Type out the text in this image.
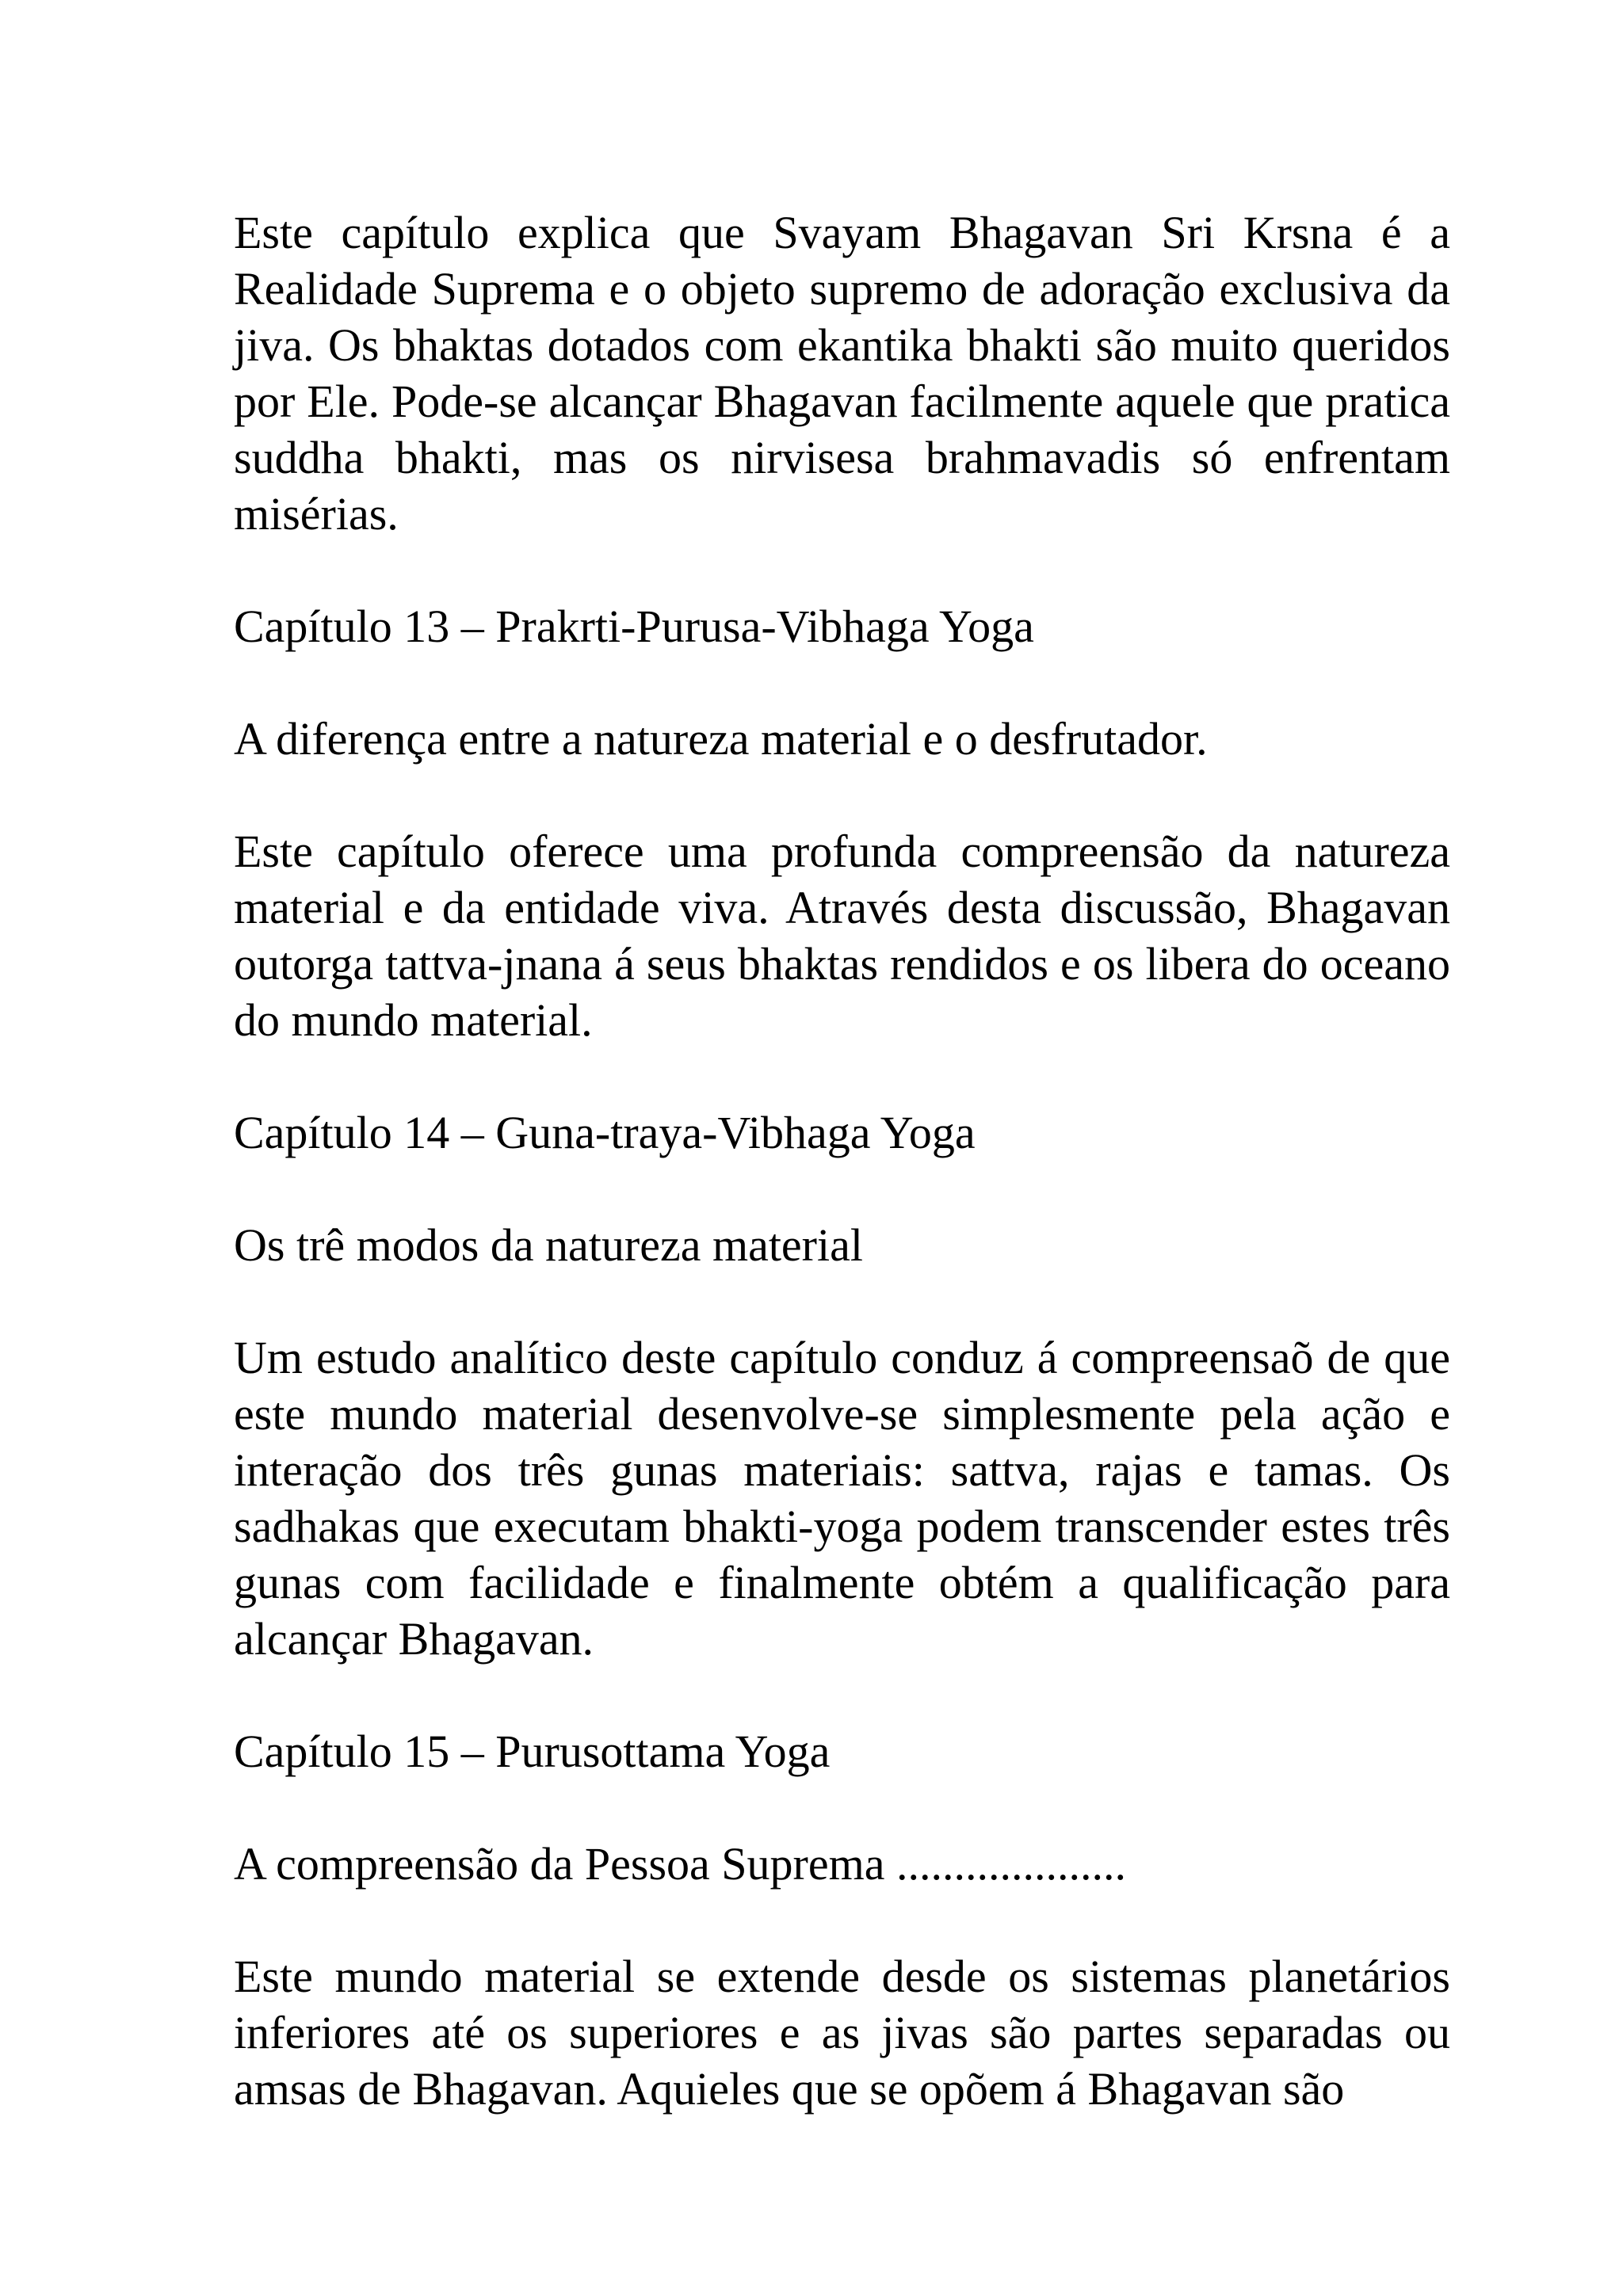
Este capítulo explica que Svayam Bhagavan Sri Krsna é a Realidade Suprema e o objeto supremo de adoração exclusiva da jiva. Os bhaktas dotados com ekantika bhakti são muito queridos por Ele. Pode-se alcançar Bhagavan facilmente aquele que pratica suddha bhakti, mas os nirvisesa brahmavadis só enfrentam misérias.

Capítulo 13 – Prakrti-Purusa-Vibhaga Yoga

A diferença entre a natureza material e o desfrutador.

Este capítulo oferece uma profunda compreensão da natureza material e da entidade viva. Através desta discussão, Bhagavan outorga tattva-jnana á seus bhaktas rendidos e os libera do oceano do mundo material.

Capítulo 14 – Guna-traya-Vibhaga Yoga

Os trê modos da natureza material

Um estudo analítico deste capítulo conduz á compreensaõ de que este mundo material desenvolve-se simplesmente pela ação e interação dos três gunas materiais: sattva, rajas e tamas. Os sadhakas que executam bhakti-yoga podem transcender estes três gunas com facilidade e finalmente obtém a qualificação para alcançar Bhagavan.

Capítulo 15 – Purusottama Yoga

A compreensão da Pessoa Suprema ....................

Este mundo material se extende desde os sistemas planetários inferiores até os superiores e as jivas são partes separadas ou amsas de Bhagavan. Aquieles que se opõem á Bhagavan são
